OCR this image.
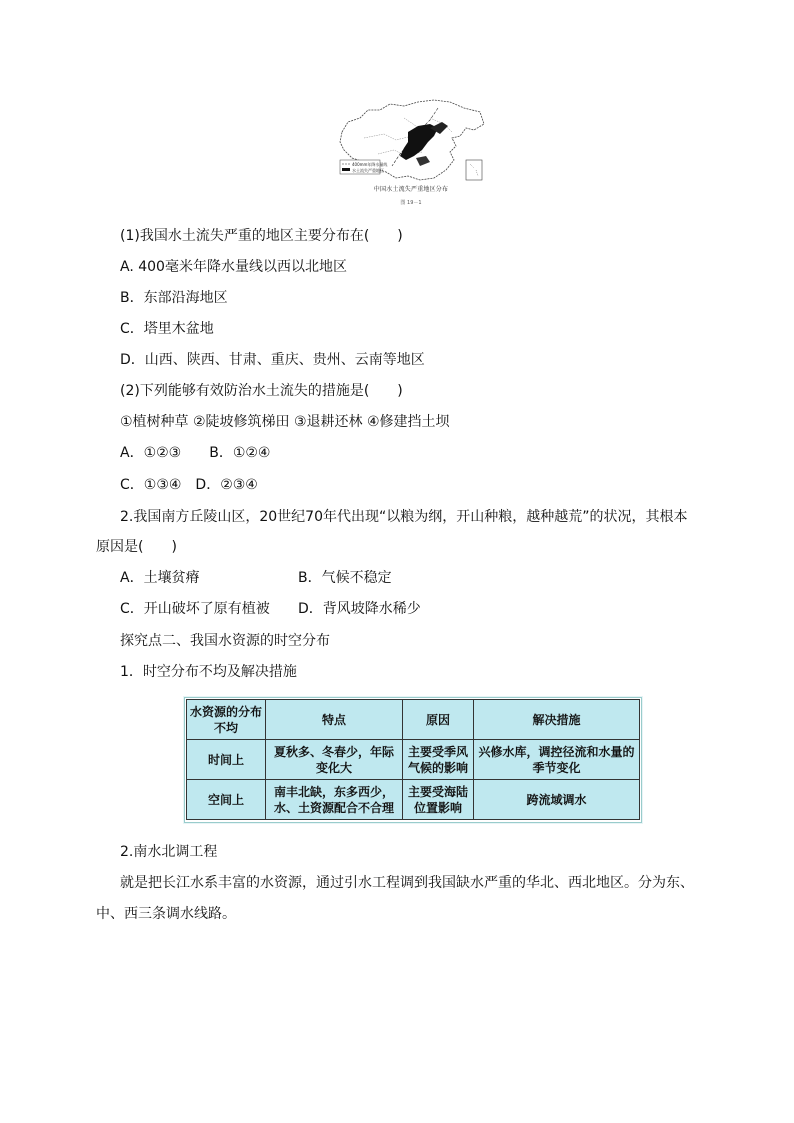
400mm年降水量线
水土流失严重地区
中国水土流失严重地区分布
图 19－1
(1)我国水土流失严重的地区主要分布在(　　)
A. 400毫米年降水量线以西以北地区
B．东部沿海地区
C．塔里木盆地
D．山西、陕西、甘肃、重庆、贵州、云南等地区
(2)下列能够有效防治水土流失的措施是(　　)
①植树种草 ②陡坡修筑梯田 ③退耕还林 ④修建挡土坝
A．①②③　　B．①②④
C．①③④　D．②③④
2.我国南方丘陵山区，20世纪70年代出现“以粮为纲，开山种粮，越种越荒”的状况，其根本
原因是(　　)
A．土壤贫瘠	B．气候不稳定
C．开山破坏了原有植被 D．背风坡降水稀少
探究点二、我国水资源的时空分布
1．时空分布不均及解决措施
水资源的分布不均	特点	原因	解决措施
时间上	夏秋多、冬春少，年际变化大	主要受季风气候的影响	兴修水库，调控径流和水量的季节变化
空间上	南丰北缺，东多西少，水、土资源配合不合理	主要受海陆位置影响	跨流域调水
2.南水北调工程
就是把长江水系丰富的水资源，通过引水工程调到我国缺水严重的华北、西北地区。分为东、
中、西三条调水线路。
